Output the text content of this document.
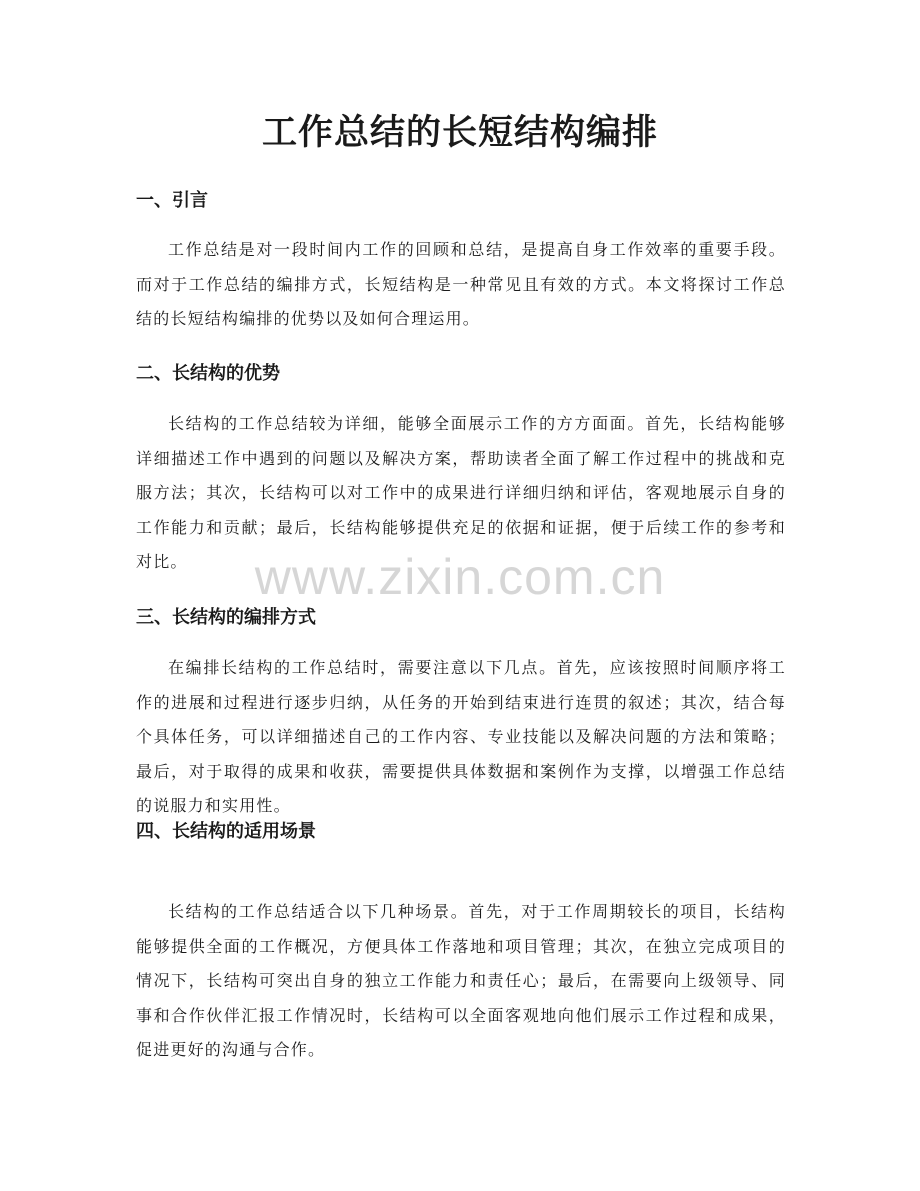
工作总结的长短结构编排
一、引言

工作总结是对一段时间内工作的回顾和总结，是提高自身工作效率的重要手段。而对于工作总结的编排方式，长短结构是一种常见且有效的方式。本文将探讨工作总结的长短结构编排的优势以及如何合理运用。

二、长结构的优势

长结构的工作总结较为详细，能够全面展示工作的方方面面。首先，长结构能够详细描述工作中遇到的问题以及解决方案，帮助读者全面了解工作过程中的挑战和克服方法；其次，长结构可以对工作中的成果进行详细归纳和评估，客观地展示自身的工作能力和贡献；最后，长结构能够提供充足的依据和证据，便于后续工作的参考和对比。

三、长结构的编排方式

在编排长结构的工作总结时，需要注意以下几点。首先，应该按照时间顺序将工作的进展和过程进行逐步归纳，从任务的开始到结束进行连贯的叙述；其次，结合每个具体任务，可以详细描述自己的工作内容、专业技能以及解决问题的方法和策略；最后，对于取得的成果和收获，需要提供具体数据和案例作为支撑，以增强工作总结的说服力和实用性。

四、长结构的适用场景

长结构的工作总结适合以下几种场景。首先，对于工作周期较长的项目，长结构能够提供全面的工作概况，方便具体工作落地和项目管理；其次，在独立完成项目的情况下，长结构可突出自身的独立工作能力和责任心；最后，在需要向上级领导、同事和合作伙伴汇报工作情况时，长结构可以全面客观地向他们展示工作过程和成果，促进更好的沟通与合作。

www.zixin.com.cn
